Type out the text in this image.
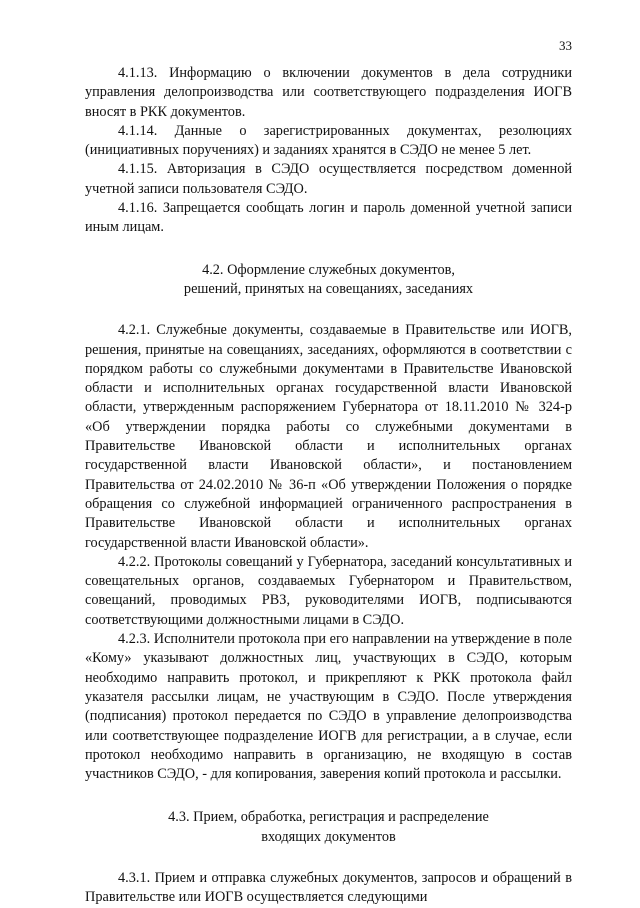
33

4.1.13. Информацию о включении документов в дела сотрудники управления делопроизводства или соответствующего подразделения ИОГВ вносят в РКК документов.

4.1.14. Данные о зарегистрированных документах, резолюциях (инициативных поручениях) и заданиях хранятся в СЭДО не менее 5 лет.

4.1.15. Авторизация в СЭДО осуществляется посредством доменной учетной записи пользователя СЭДО.

4.1.16. Запрещается сообщать логин и пароль доменной учетной записи иным лицам.

4.2. Оформление служебных документов,
решений, принятых на совещаниях, заседаниях

4.2.1. Служебные документы, создаваемые в Правительстве или ИОГВ, решения, принятые на совещаниях, заседаниях, оформляются в соответствии с порядком работы со служебными документами в Правительстве Ивановской области и исполнительных органах государственной власти Ивановской области, утвержденным распоряжением Губернатора от 18.11.2010 № 324-р «Об утверждении порядка работы со служебными документами в Правительстве Ивановской области и исполнительных органах государственной власти Ивановской области», и постановлением Правительства от 24.02.2010 № 36-п «Об утверждении Положения о порядке обращения со служебной информацией ограниченного распространения в Правительстве Ивановской области и исполнительных органах государственной власти Ивановской области».

4.2.2. Протоколы совещаний у Губернатора, заседаний консультативных и совещательных органов, создаваемых Губернатором и Правительством, совещаний, проводимых РВЗ, руководителями ИОГВ, подписываются соответствующими должностными лицами в СЭДО.

4.2.3. Исполнители протокола при его направлении на утверждение в поле «Кому» указывают должностных лиц, участвующих в СЭДО, которым необходимо направить протокол, и прикрепляют к РКК протокола файл указателя рассылки лицам, не участвующим в СЭДО. После утверждения (подписания) протокол передается по СЭДО в управление делопроизводства или соответствующее подразделение ИОГВ для регистрации, а в случае, если протокол необходимо направить в организацию, не входящую в состав участников СЭДО, - для копирования, заверения копий протокола и рассылки.

4.3. Прием, обработка, регистрация и распределение
входящих документов

4.3.1. Прием и отправка служебных документов, запросов и обращений в Правительстве или ИОГВ осуществляется следующими
